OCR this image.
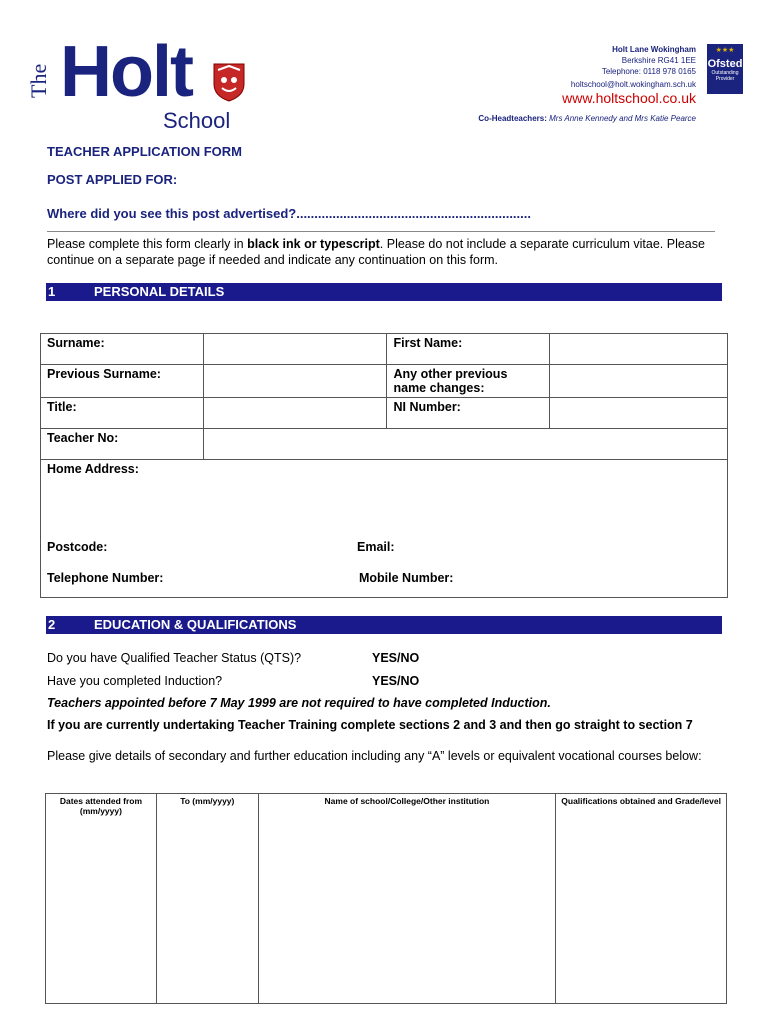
The Holt
School
Holt Lane Wokingham
Berkshire RG41 1EE
Telephone: 0118 978 0165
holtschool@holt.wokingham.sch.uk
www.holtschool.co.uk
Co-Headteachers: Mrs Anne Kennedy and Mrs Katie Pearce
★★★
Ofsted
Outstanding Provider
TEACHER APPLICATION FORM
POST APPLIED FOR:
Where did you see this post advertised?.................................................................
Please complete this form clearly in black ink or typescript. Please do not include a separate curriculum vitae. Please continue on a separate page if needed and indicate any continuation on this form.
1	PERSONAL DETAILS
Surname:		First Name:	
Previous Surname:		Any other previous name changes:	
Title:		NI Number:	
Teacher No:			

Home Address:
Postcode: Email:
Telephone Number: Mobile Number:			
2	EDUCATION & QUALIFICATIONS
Do you have Qualified Teacher Status (QTS)?	YES/NO
Have you completed Induction?	YES/NO
Teachers appointed before 7 May 1999 are not required to have completed Induction.
If you are currently undertaking Teacher Training complete sections 2 and 3 and then go straight to section 7
Please give details of secondary and further education including any “A” levels or equivalent vocational courses below:
Dates attended from (mm/yyyy)	To (mm/yyyy)	Name of school/College/Other institution	Qualifications obtained and Grade/level
